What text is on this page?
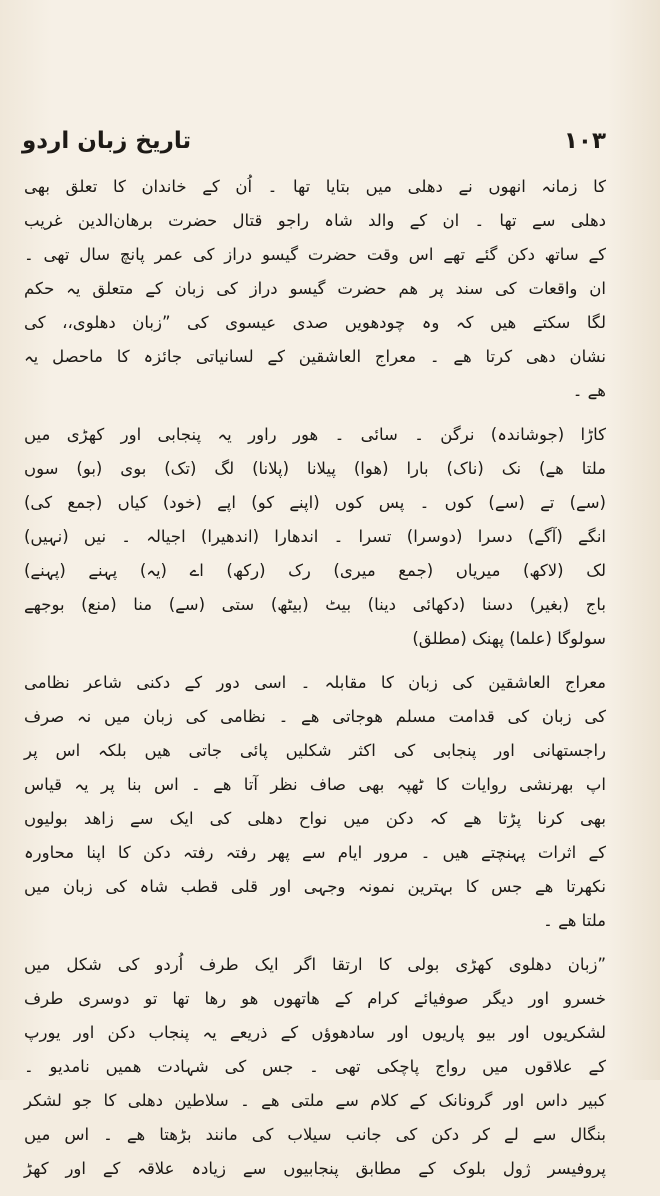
تاریخ زبان اردو	۱۰۳
کا زمانہ انھوں نے دھلی میں بتایا تھا ۔ اُن کے خاندان کا تعلق بھی
دھلی سے تھا ۔ ان کے والد شاہ راجو قتال حضرت برھان‌الدین غریب
کے ساتھ دکن گئے تھے اس وقت حضرت گیسو دراز کی عمر پانچ سال تھی ۔
ان واقعات کی سند پر ھم حضرت گیسو دراز کی زبان کے متعلق یہ حکم
لگا سکتے ھیں کہ وہ چودھویں صدی عیسوی کی ”زبان دھلوی،، کی
نشان دھی کرتا ھے ۔ معراج العاشقین کے لسانیاتی جائزہ کا ماحصل یہ
ھے ۔
کاڑا (جوشاندہ) نرگن ۔ سائی ۔ ھور راور یہ پنجابی اور کھڑی میں
ملتا ھے) نک (ناک) بارا (ھوا) پیلانا (پلانا) لگ (تک) بوی (بو) سوں
(سے) تے (سے) کوں ۔ پس کوں (اپنے کو) اپے (خود) کیاں (جمع کی)
انگے (آگے) دسرا (دوسرا) تسرا ۔ اندھارا (اندھیرا) اجیالہ ۔ نیں (نہیں)
لک (لاکھ) میریاں (جمع میری) رک (رکھ) اے (یہ) پہنے (پہنے)
باج (بغیر) دسنا (دکھائی دینا) بیٹ (بیٹھ) ستی (سے) منا (منع) بوجھے
سولوگا (علما) پھنک (مطلق)
معراج العاشقین کی زبان کا مقابلہ ۔ اسی دور کے دکنی شاعر نظامی
کی زبان کی قدامت مسلم ھوجاتی ھے ۔ نظامی کی زبان میں نہ صرف
راجستھانی اور پنجابی کی اکثر شکلیں پائی جاتی ھیں بلکہ اس پر
اپ بھرنشی روایات کا ٹھپہ بھی صاف نظر آتا ھے ۔ اس بنا پر یہ قیاس
بھی کرنا پڑتا ھے کہ دکن میں نواح دھلی کی ایک سے زاھد بولیوں
کے اثرات پہنچتے ھیں ۔ مرور ایام سے پھر رفتہ رفتہ دکن کا اپنا محاورہ
نکھرتا ھے جس کا بہترین نمونہ وجہی اور قلی قطب شاہ کی زبان میں
ملتا ھے ۔
”زبان دھلوی کھڑی بولی کا ارتقا اگر ایک طرف اُردو کی شکل میں
خسرو اور دیگر صوفیائے کرام کے ھاتھوں ھو رھا تھا تو دوسری طرف
لشکریوں اور بیو پاریوں اور سادھوؤں کے ذریعے یہ پنجاب دکن اور یورپ
کے علاقوں میں رواج پاچکی تھی ۔ جس کی شہادت ھمیں نامدیو ۔
کبیر داس اور گرونانک کے کلام سے ملتی ھے ۔ سلاطین دھلی کا جو لشکر
بنگال سے لے کر دکن کی جانب سیلاب کی مانند بڑھتا ھے ۔ اس میں
پروفیسر ژول بلوک کے مطابق پنجابیوں سے زیادہ علاقہ کے اور کھڑ
